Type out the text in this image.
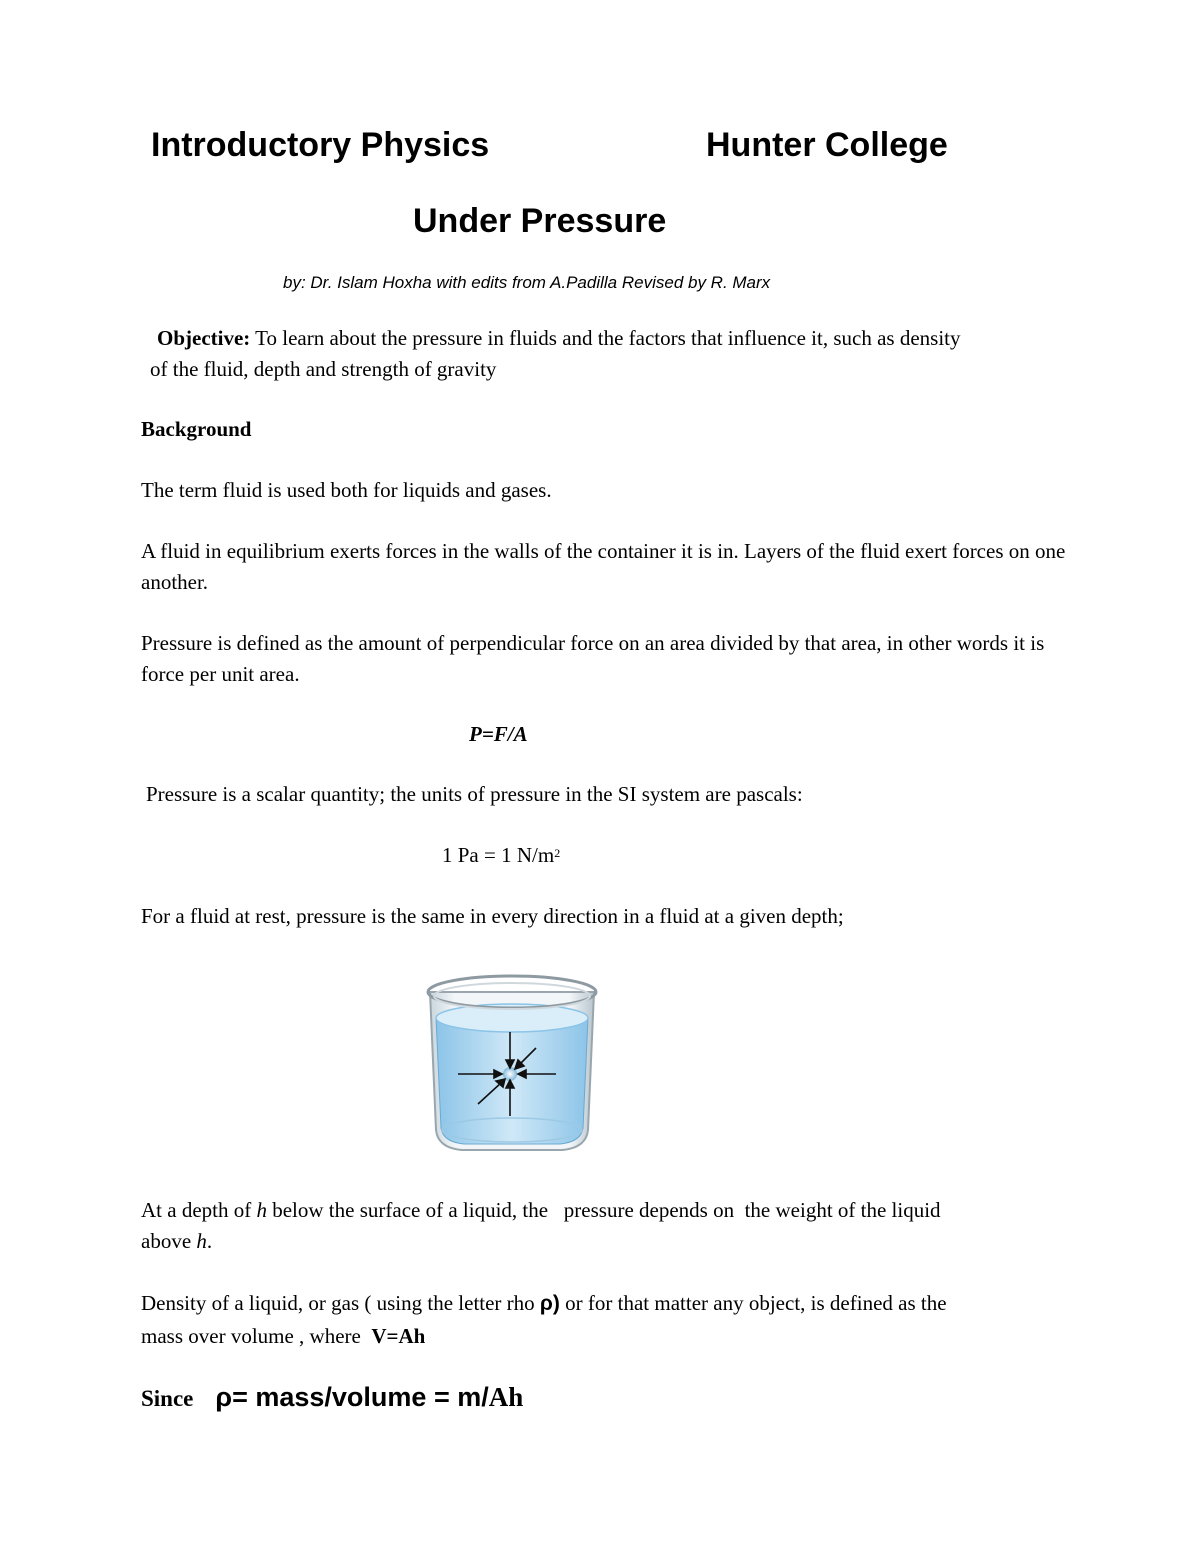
Introductory Physics	Hunter College
Under Pressure
by: Dr. Islam Hoxha with edits from A.Padilla Revised by R. Marx
Objective: To learn about the pressure in fluids and the factors that influence it, such as density
of the fluid, depth and strength of gravity
Background
The term fluid is used both for liquids and gases.
A fluid in equilibrium exerts forces in the walls of the container it is in. Layers of the fluid exert forces on one another.
Pressure is defined as the amount of perpendicular force on an area divided by that area, in other words it is force per unit area.
P=F/A
Pressure is a scalar quantity; the units of pressure in the SI system are pascals:
1 Pa = 1 $N/m^2$
For a fluid at rest, pressure is the same in every direction in a fluid at a given depth;
At a depth of h below the surface of a liquid, the   pressure depends on  the weight of the liquid
above h.
Density of a liquid, or gas ( using the letter rho ρ) or for that matter any object, is defined as the
mass over volume , where  V=Ah
Since ρ= mass/volume = m/Ah
